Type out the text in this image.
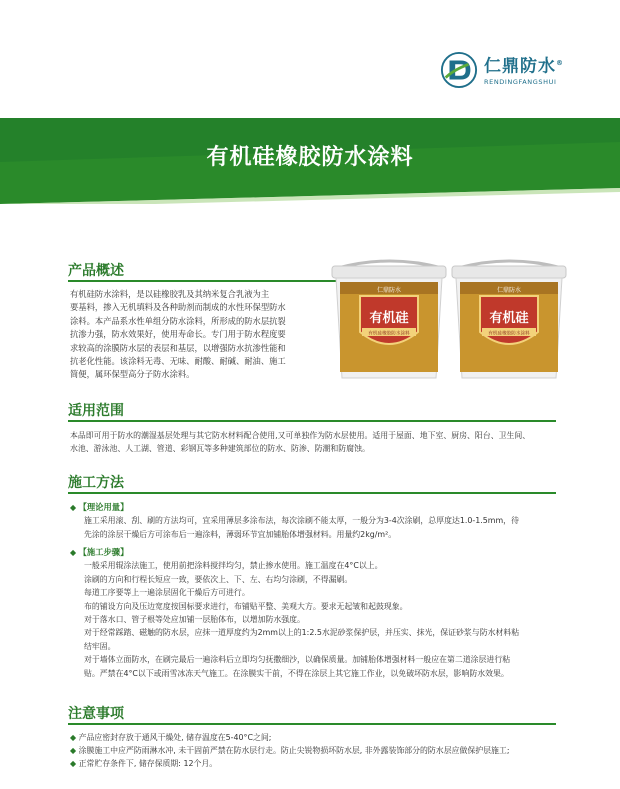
仁鼎防水®
RENDINGFANGSHUI
有机硅橡胶防水涂料
产品概述
有机硅防水涂料，是以硅橡胶乳及其纳米复合乳液为主
要基料，掺入无机填料及各种助剂而制成的水性环保型防水
涂料。本产品系水性单组分防水涂料，所形成的防水层抗裂
抗渗力强，防水效果好，使用寿命长。专门用于防水程度要
求较高的涂膜防水层的表层和基层，以增强防水抗渗性能和
抗老化性能。该涂料无毒、无味、耐酸、耐碱、耐油、施工
简便，属环保型高分子防水涂料。
仁鼎防水
有机硅
有机硅橡胶防水涂料
仁鼎防水
有机硅
有机硅橡胶防水涂料
适用范围
本品即可用于防水的潮湿基层处理与其它防水材料配合使用,又可单独作为防水层使用。适用于屋面、地下室、厨房、阳台、卫生间、
水池、游泳池、人工湖、管道、彩钢瓦等多种建筑部位的防水、防渗、防潮和防腐蚀。
施工方法
◆ 【理论用量】
施工采用滚、刮、刷的方法均可，宜采用薄层多涂布法，每次涂刷不能太厚，一般分为3-4次涂刷，总厚度达1.0-1.5mm，待
先涂的涂层干燥后方可涂布后一遍涂料，薄弱环节宜加铺胎体增强材料。用量约2kg/m²。
◆ 【施工步骤】
一般采用辊涂法施工，使用前把涂料搅拌均匀，禁止掺水使用。施工温度在4°C以上。
涂刷的方向和行程长短应一致，要依次上、下、左、右均匀涂刷，不得漏刷。
每道工序要等上一遍涂层固化干燥后方可进行。
布的铺设方向及压边宽度按国标要求进行，布铺贴平整、美观大方。要求无起皱和起鼓现象。
对于落水口、管子根等处应加铺一层胎体布，以增加防水强度。
对于经常踩踏、磁触的防水层，应抹一道厚度约为2mm以上的1:2.5水泥砂浆保护层，并压实、抹光，保证砂浆与防水材料粘
结牢固。
对于墙体立面防水，在刷完最后一遍涂料后立即均匀抚撒细沙，以确保质量。加铺胎体增强材料一般应在第二道涂层进行粘
贴。严禁在4°C以下或雨雪冰冻天气施工。在涂膜实干前，不得在涂层上其它施工作业，以免破坏防水层，影响防水效果。
注意事项
◆ 产品应密封存放于通风干燥处, 储存温度在5-40°C之间;
◆ 涂膜施工中应严防雨淋水冲, 未干固前严禁在防水层行走。防止尖锐物损坏防水层, 非外露装饰部分的防水层应做保护层施工;
◆ 正常贮存条件下, 储存保质期: 12个月。
